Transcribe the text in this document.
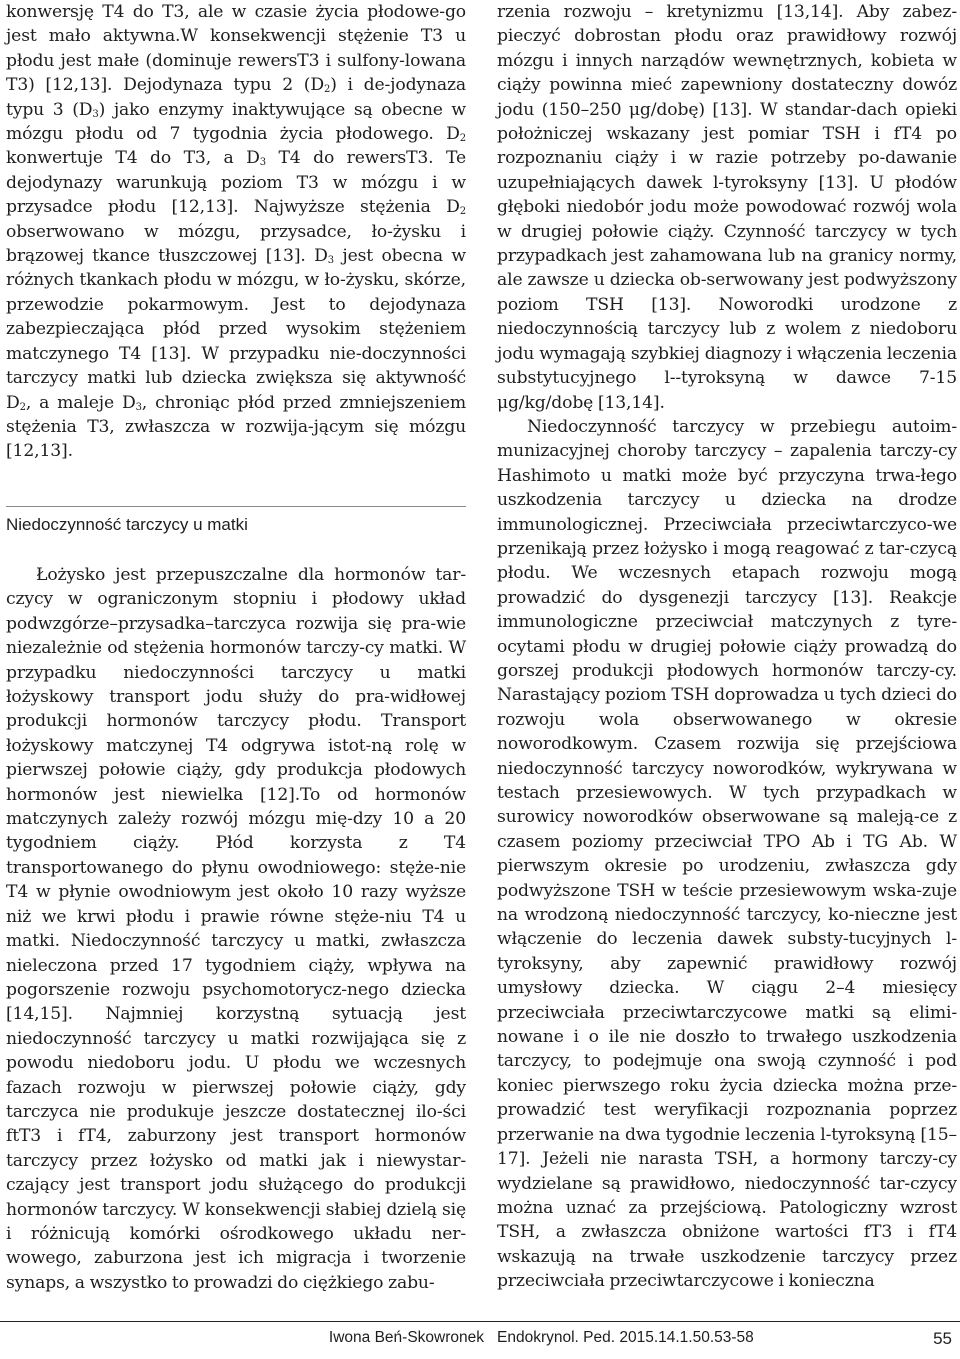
konwersję T4 do T3, ale w czasie życia płodowe-go jest mało aktywna.W konsekwencji stężenie T3 u płodu jest małe (dominuje rewersT3 i sulfony-lowana T3) [12,13]. Dejodynaza typu 2 $(D_2)$ i de-jodynaza typu 3 $(D_3)$ jako enzymy inaktywujące są obecne w mózgu płodu od 7 tygodnia życia płodowego. $D_2$ konwertuje T4 do T3, a $D_3$ T4 do rewersT3. Te dejodynazy warunkują poziom T3 w mózgu i w przysadce płodu [12,13]. Najwyższe stężenia $D_2$ obserwowano w mózgu, przysadce, ło-żysku i brązowej tkance tłuszczowej [13]. $D_3$ jest obecna w różnych tkankach płodu w mózgu, w ło-żysku, skórze, przewodzie pokarmowym. Jest to dejodynaza zabezpieczająca płód przed wysokim stężeniem matczynego T4 [13]. W przypadku nie-doczynności tarczycy matki lub dziecka zwiększa się aktywność $D_2$, a maleje $D_3$, chroniąc płód przed zmniejszeniem stężenia T3, zwłaszcza w rozwija-jącym się mózgu [12,13].

Niedoczynność tarczycy u matki

Łożysko jest przepuszczalne dla hormonów tar-czycy w ograniczonym stopniu i płodowy układ podwzgórze–przysadka–tarczyca rozwija się pra-wie niezależnie od stężenia hormonów tarczy-cy matki. W przypadku niedoczynności tarczycy u matki łożyskowy transport jodu służy do pra-widłowej produkcji hormonów tarczycy płodu. Transport łożyskowy matczynej T4 odgrywa istot-ną rolę w pierwszej połowie ciąży, gdy produkcja płodowych hormonów jest niewielka [12].To od hormonów matczynych zależy rozwój mózgu mię-dzy 10 a 20 tygodniem ciąży. Płód korzysta z T4 transportowanego do płynu owodniowego: stęże-nie T4 w płynie owodniowym jest około 10 razy wyższe niż we krwi płodu i prawie równe stęże-niu T4 u matki. Niedoczynność tarczycy u matki, zwłaszcza nieleczona przed 17 tygodniem ciąży, wpływa na pogorszenie rozwoju psychomotorycz-nego dziecka [14,15]. Najmniej korzystną sytuacją jest niedoczynność tarczycy u matki rozwijająca się z powodu niedoboru jodu. U płodu we wczesnych fazach rozwoju w pierwszej połowie ciąży, gdy tarczyca nie produkuje jeszcze dostatecznej ilo-ści ftT3 i fT4, zaburzony jest transport hormonów tarczycy przez łożysko od matki jak i niewystar-czający jest transport jodu służącego do produkcji hormonów tarczycy. W konsekwencji słabiej dzielą się i różnicują komórki ośrodkowego układu ner-wowego, zaburzona jest ich migracja i tworzenie synaps, a wszystko to prowadzi do ciężkiego zabu-

rzenia rozwoju – kretynizmu [13,14]. Aby zabez-pieczyć dobrostan płodu oraz prawidłowy rozwój mózgu i innych narządów wewnętrznych, kobieta w ciąży powinna mieć zapewniony dostateczny dowóz jodu (150–250 μg/dobę) [13]. W standar-dach opieki położniczej wskazany jest pomiar TSH i fT4 po rozpoznaniu ciąży i w razie potrzeby po-dawanie uzupełniających dawek l-tyroksyny [13]. U płodów głęboki niedobór jodu może powodować rozwój wola w drugiej połowie ciąży. Czynność tarczycy w tych przypadkach jest zahamowana lub na granicy normy, ale zawsze u dziecka ob-serwowany jest podwyższony poziom TSH [13]. Noworodki urodzone z niedoczynnością tarczycy lub z wolem z niedoboru jodu wymagają szybkiej diagnozy i włączenia leczenia substytucyjnego l--tyroksyną w dawce 7-15 μg/kg/dobę [13,14].

Niedoczynność tarczycy w przebiegu autoim-munizacyjnej choroby tarczycy – zapalenia tarczy-cy Hashimoto u matki może być przyczyna trwa-łego uszkodzenia tarczycy u dziecka na drodze immunologicznej. Przeciwciała przeciwtarczyco-we przenikają przez łożysko i mogą reagować z tar-czycą płodu. We wczesnych etapach rozwoju mogą prowadzić do dysgenezji tarczycy [13]. Reakcje immunologiczne przeciwciał matczynych z tyre-ocytami płodu w drugiej połowie ciąży prowadzą do gorszej produkcji płodowych hormonów tarczy-cy. Narastający poziom TSH doprowadza u tych dzieci do rozwoju wola obserwowanego w okresie noworodkowym. Czasem rozwija się przejściowa niedoczynność tarczycy noworodków, wykrywana w testach przesiewowych. W tych przypadkach w surowicy noworodków obserwowane są maleją-ce z czasem poziomy przeciwciał TPO Ab i TG Ab. W pierwszym okresie po urodzeniu, zwłaszcza gdy podwyższone TSH w teście przesiewowym wska-zuje na wrodzoną niedoczynność tarczycy, ko-nieczne jest włączenie do leczenia dawek substy-tucyjnych l-tyroksyny, aby zapewnić prawidłowy rozwój umysłowy dziecka. W ciągu 2–4 miesięcy przeciwciała przeciwtarczycowe matki są elimi-nowane i o ile nie doszło to trwałego uszkodzenia tarczycy, to podejmuje ona swoją czynność i pod koniec pierwszego roku życia dziecka można prze-prowadzić test weryfikacji rozpoznania poprzez przerwanie na dwa tygodnie leczenia l-tyroksyną [15–17]. Jeżeli nie narasta TSH, a hormony tarczy-cy wydzielane są prawidłowo, niedoczynność tar-czycy można uznać za przejściową. Patologiczny wzrost TSH, a zwłaszcza obniżone wartości fT3 i fT4 wskazują na trwałe uszkodzenie tarczycy przez przeciwciała przeciwtarczycowe i konieczna

Iwona Beń-Skowronek Endokrynol. Ped. 2015.14.1.50.53-58	55
